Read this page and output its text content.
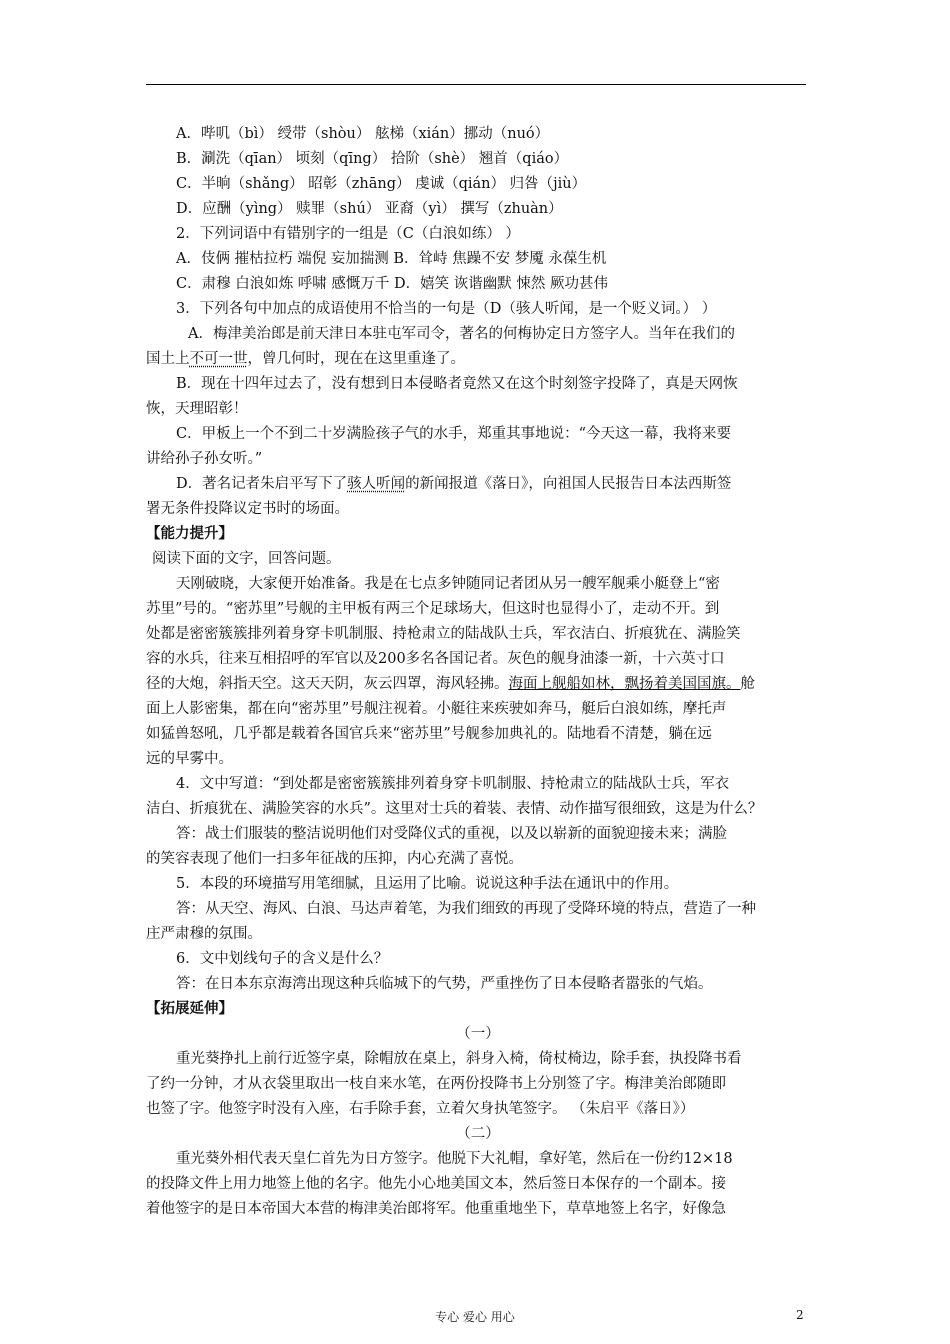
A．哔叽（bì） 绶带（shòu） 舷梯（xián）挪动（nuó）
B．涮洗（qīan） 顷刻（qīng） 拾阶（shè） 翘首（qiáo）
C．半晌（shǎng） 昭彰（zhāng） 虔诚（qián） 归咎（jiù）
D．应酬（yìng） 赎罪（shú） 亚裔（yì） 撰写（zhuàn）
2．下列词语中有错别字的一组是（C（白浪如练） ）
A．伎俩 摧枯拉朽 端倪 妄加揣测 B．耸峙 焦躁不安 梦魇 永葆生机
C．肃穆 白浪如炼 呼啸 感慨万千 D．嬉笑 诙谐幽默 悚然 厥功甚伟
3．下列各句中加点的成语使用不恰当的一句是（D（骇人听闻，是一个贬义词。） ）
A．梅津美治郎是前天津日本驻屯军司令，著名的何梅协定日方签字人。当年在我们的
国土上不可一世，曾几何时，现在在这里重逢了。
B．现在十四年过去了，没有想到日本侵略者竟然又在这个时刻签字投降了，真是天网恢
恢，天理昭彰！
C．甲板上一个不到二十岁满脸孩子气的水手，郑重其事地说：“今天这一幕，我将来要
讲给孙子孙女听。”
D．著名记者朱启平写下了骇人听闻的新闻报道《落日》，向祖国人民报告日本法西斯签
署无条件投降议定书时的场面。
【能力提升】
阅读下面的文字，回答问题。
天刚破晓，大家便开始准备。我是在七点多钟随同记者团从另一艘军舰乘小艇登上“密
苏里”号的。“密苏里”号舰的主甲板有两三个足球场大，但这时也显得小了，走动不开。到
处都是密密簇簇排列着身穿卡叽制服、持枪肃立的陆战队士兵，军衣洁白、折痕犹在、满脸笑
容的水兵，往来互相招呼的军官以及200多名各国记者。灰色的舰身油漆一新，十六英寸口
径的大炮，斜指天空。这天天阴，灰云四罩，海风轻拂。海面上舰船如林，飘扬着美国国旗。舱
面上人影密集，都在向“密苏里”号舰注视着。小艇往来疾驶如奔马，艇后白浪如练，摩托声
如猛兽怒吼，几乎都是载着各国官兵来“密苏里”号舰参加典礼的。陆地看不清楚，躺在远
远的早雾中。
4．文中写道：“到处都是密密簇簇排列着身穿卡叽制服、持枪肃立的陆战队士兵，军衣
洁白、折痕犹在、满脸笑容的水兵”。这里对士兵的着装、表情、动作描写很细致，这是为什么？
答：战士们服装的整洁说明他们对受降仪式的重视，以及以崭新的面貌迎接未来；满脸
的笑容表现了他们一扫多年征战的压抑，内心充满了喜悦。
5．本段的环境描写用笔细腻，且运用了比喻。说说这种手法在通讯中的作用。
答：从天空、海风、白浪、马达声着笔，为我们细致的再现了受降环境的特点，营造了一种
庄严肃穆的氛围。
6．文中划线句子的含义是什么？
答：在日本东京海湾出现这种兵临城下的气势，严重挫伤了日本侵略者嚣张的气焰。
【拓展延伸】
（一）
重光葵挣扎上前行近签字桌，除帽放在桌上，斜身入椅，倚杖椅边，除手套，执投降书看
了约一分钟，才从衣袋里取出一枝自来水笔，在两份投降书上分别签了字。梅津美治郎随即
也签了字。他签字时没有入座，右手除手套，立着欠身执笔签字。 （朱启平《落日》）
（二）
重光葵外相代表天皇仁首先为日方签字。他脱下大礼帽，拿好笔，然后在一份约12×18
的投降文件上用力地签上他的名字。他先小心地美国文本，然后签日本保存的一个副本。接
着他签字的是日本帝国大本营的梅津美治郎将军。他重重地坐下，草草地签上名字，好像急
专心 爱心 用心	2
